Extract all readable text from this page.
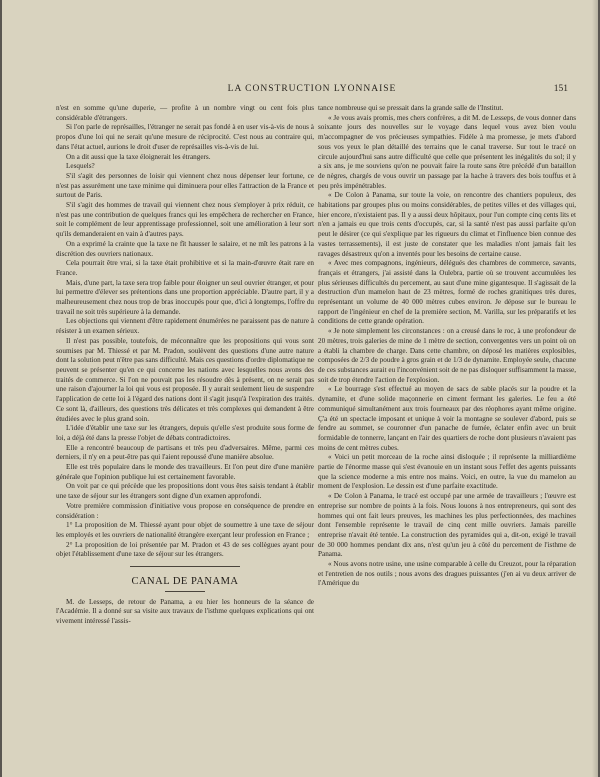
LA CONSTRUCTION LYONNAISE	151

n'est en somme qu'une duperie, — profite à un nombre vingt ou cent fois plus considérable d'étrangers.

Si l'on parle de représailles, l'étranger ne serait pas fondé à en user vis-à-vis de nous à propos d'une loi qui ne serait qu'une mesure de réciprocité. C'est nous au contraire qui, dans l'état actuel, aurions le droit d'user de représailles vis-à-vis de lui.

On a dit aussi que la taxe éloignerait les étrangers.

Lesquels?

S'il s'agit des personnes de loisir qui viennent chez nous dépenser leur fortune, ce n'est pas assurément une taxe minime qui diminuera pour elles l'attraction de la France et surtout de Paris.

S'il s'agit des hommes de travail qui viennent chez nous s'employer à prix réduit, ce n'est pas une contribution de quelques francs qui les empêchera de rechercher en France, soit le complément de leur apprentissage professionnel, soit une amélioration à leur sort qu'ils demanderaient en vain à d'autres pays.

On a exprimé la crainte que la taxe ne fît hausser le salaire, et ne mît les patrons à la discrétion des ouvriers nationaux.

Cela pourrait être vrai, si la taxe était prohibitive et si la main-d'œuvre était rare en France.

Mais, d'une part, la taxe sera trop faible pour éloigner un seul ouvrier étranger, et pour lui permettre d'élever ses prétentions dans une proportion appréciable. D'autre part, il y a malheureusement chez nous trop de bras inoccupés pour que, d'ici à longtemps, l'offre du travail ne soit très supérieure à la demande.

Les objections qui viennent d'être rapidement énumérées ne paraissent pas de nature à résister à un examen sérieux.

Il n'est pas possible, toutefois, de méconnaître que les propositions qui vous sont soumises par M. Thiessé et par M. Pradon, soulèvent des questions d'une autre nature dont la solution peut n'être pas sans difficulté. Mais ces questions d'ordre diplomatique ne peuvent se présenter qu'en ce qui concerne les nations avec lesquelles nous avons des traités de commerce. Si l'on ne pouvait pas les résoudre dès à présent, on ne serait pas une raison d'ajourner la loi qui vous est proposée. Il y aurait seulement lieu de suspendre l'application de cette loi à l'égard des nations dont il s'agit jusqu'à l'expiration des traités. Ce sont là, d'ailleurs, des questions très délicates et très complexes qui demandent à être étudiées avec le plus grand soin.

L'idée d'établir une taxe sur les étrangers, depuis qu'elle s'est produite sous forme de loi, a déjà été dans la presse l'objet de débats contradictoires.

Elle a rencontré beaucoup de partisans et très peu d'adversaires. Même, parmi ces derniers, il n'y en a peut-être pas qui l'aient repoussé d'une manière absolue.

Elle est très populaire dans le monde des travailleurs. Et l'on peut dire d'une manière générale que l'opinion publique lui est certainement favorable.

On voit par ce qui précède que les propositions dont vous êtes saisis tendant à établir une taxe de séjour sur les étrangers sont digne d'un examen approfondi.

Votre première commission d'initiative vous propose en conséquence de prendre en considération :

1° La proposition de M. Thiessé ayant pour objet de soumettre à une taxe de séjour les employés et les ouvriers de nationalité étrangère exerçant leur profession en France ;

2° La proposition de loi présentée par M. Pradon et 43 de ses collègues ayant pour objet l'établissement d'une taxe de séjour sur les étrangers.

CANAL DE PANAMA

M. de Lesseps, de retour de Panama, a eu hier les honneurs de la séance de l'Académie. Il a donné sur sa visite aux travaux de l'isthme quelques explications qui ont vivement intéressé l'assis-

tance nombreuse qui se pressait dans la grande salle de l'Institut.

« Je vous avais promis, mes chers confrères, a dit M. de Lesseps, de vous donner dans soixante jours des nouvelles sur le voyage dans lequel vous avez bien voulu m'accompagner de vos précieuses sympathies. Fidèle à ma promesse, je mets d'abord sous vos yeux le plan détaillé des terrains que le canal traverse. Sur tout le tracé on circule aujourd'hui sans autre difficulté que celle que présentent les inégalités du sol; il y a six ans, je me souviens qu'on ne pouvait faire la route sans être précédé d'un bataillon de nègres, chargés de vous ouvrir un passage par la hache à travers des bois touffus et à peu près impénétrables.

« De Colon à Panama, sur toute la voie, on rencontre des chantiers populeux, des habitations par groupes plus ou moins considérables, de petites villes et des villages qui, hier encore, n'existaient pas. Il y a aussi deux hôpitaux, pour l'un compte cinq cents lits et n'en a jamais eu que trois cents d'occupés, car, si la santé n'est pas aussi parfaite qu'on peut le désirer (ce qui s'explique par les rigueurs du climat et l'influence bien connue des vastes terrassements), il est juste de constater que les maladies n'ont jamais fait les ravages désastreux qu'on a inventés pour les besoins de certaine cause.

« Avec mes compagnons, ingénieurs, délégués des chambres de commerce, savants, français et étrangers, j'ai assisté dans la Oulebra, partie où se trouvent accumulées les plus sérieuses difficultés du percement, au saut d'une mine gigantesque. Il s'agissait de la destruction d'un mamelon haut de 23 mètres, formé de roches granitiques très dures, représentant un volume de 40 000 mètres cubes environ. Je dépose sur le bureau le rapport de l'ingénieur en chef de la première section, M. Varilla, sur les préparatifs et les conditions de cette grande opération.

« Je note simplement les circonstances : on a creusé dans le roc, à une profondeur de 20 mètres, trois galeries de mine de 1 mètre de section, convergentes vers un point où on a établi la chambre de charge. Dans cette chambre, on déposé les matières explosibles, composées de 2/3 de poudre à gros grain et de 1/3 de dynamite. Employée seule, chacune de ces substances aurait eu l'inconvénient soit de ne pas disloquer suffisamment la masse, soit de trop étendre l'action de l'explosion.

« Le bourrage s'est effectué au moyen de sacs de sable placés sur la poudre et la dynamite, et d'une solide maçonnerie en ciment fermant les galeries. Le feu a été communiqué simultanément aux trois fourneaux par des réophores ayant même origine. Ç'a été un spectacle imposant et unique à voir la montagne se soulever d'abord, puis se fendre au sommet, se couronner d'un panache de fumée, éclater enfin avec un bruit formidable de tonnerre, lançant en l'air des quartiers de roche dont plusieurs n'avaient pas moins de cent mètres cubes.

« Voici un petit morceau de la roche ainsi disloquée ; il représente la milliardième partie de l'énorme masse qui s'est évanouie en un instant sous l'effet des agents puissants que la science moderne a mis entre nos mains. Voici, en outre, la vue du mamelon au moment de l'explosion. Le dessin est d'une parfaite exactitude.

« De Colon à Panama, le tracé est occupé par une armée de travailleurs ; l'œuvre est entreprise sur nombre de points à la fois. Nous louons à nos entrepreneurs, qui sont des hommes qui ont fait leurs preuves, les machines les plus perfectionnées, des machines dont l'ensemble représente le travail de cinq cent mille ouvriers. Jamais pareille entreprise n'avait été tentée. La construction des pyramides qui a, dit-on, exigé le travail de 30 000 hommes pendant dix ans, n'est qu'un jeu à côté du percement de l'isthme de Panama.

« Nous avons notre usine, une usine comparable à celle du Creuzot, pour la réparation et l'entretien de nos outils ; nous avons des dragues puissantes (j'en ai vu deux arriver de l'Amérique du
